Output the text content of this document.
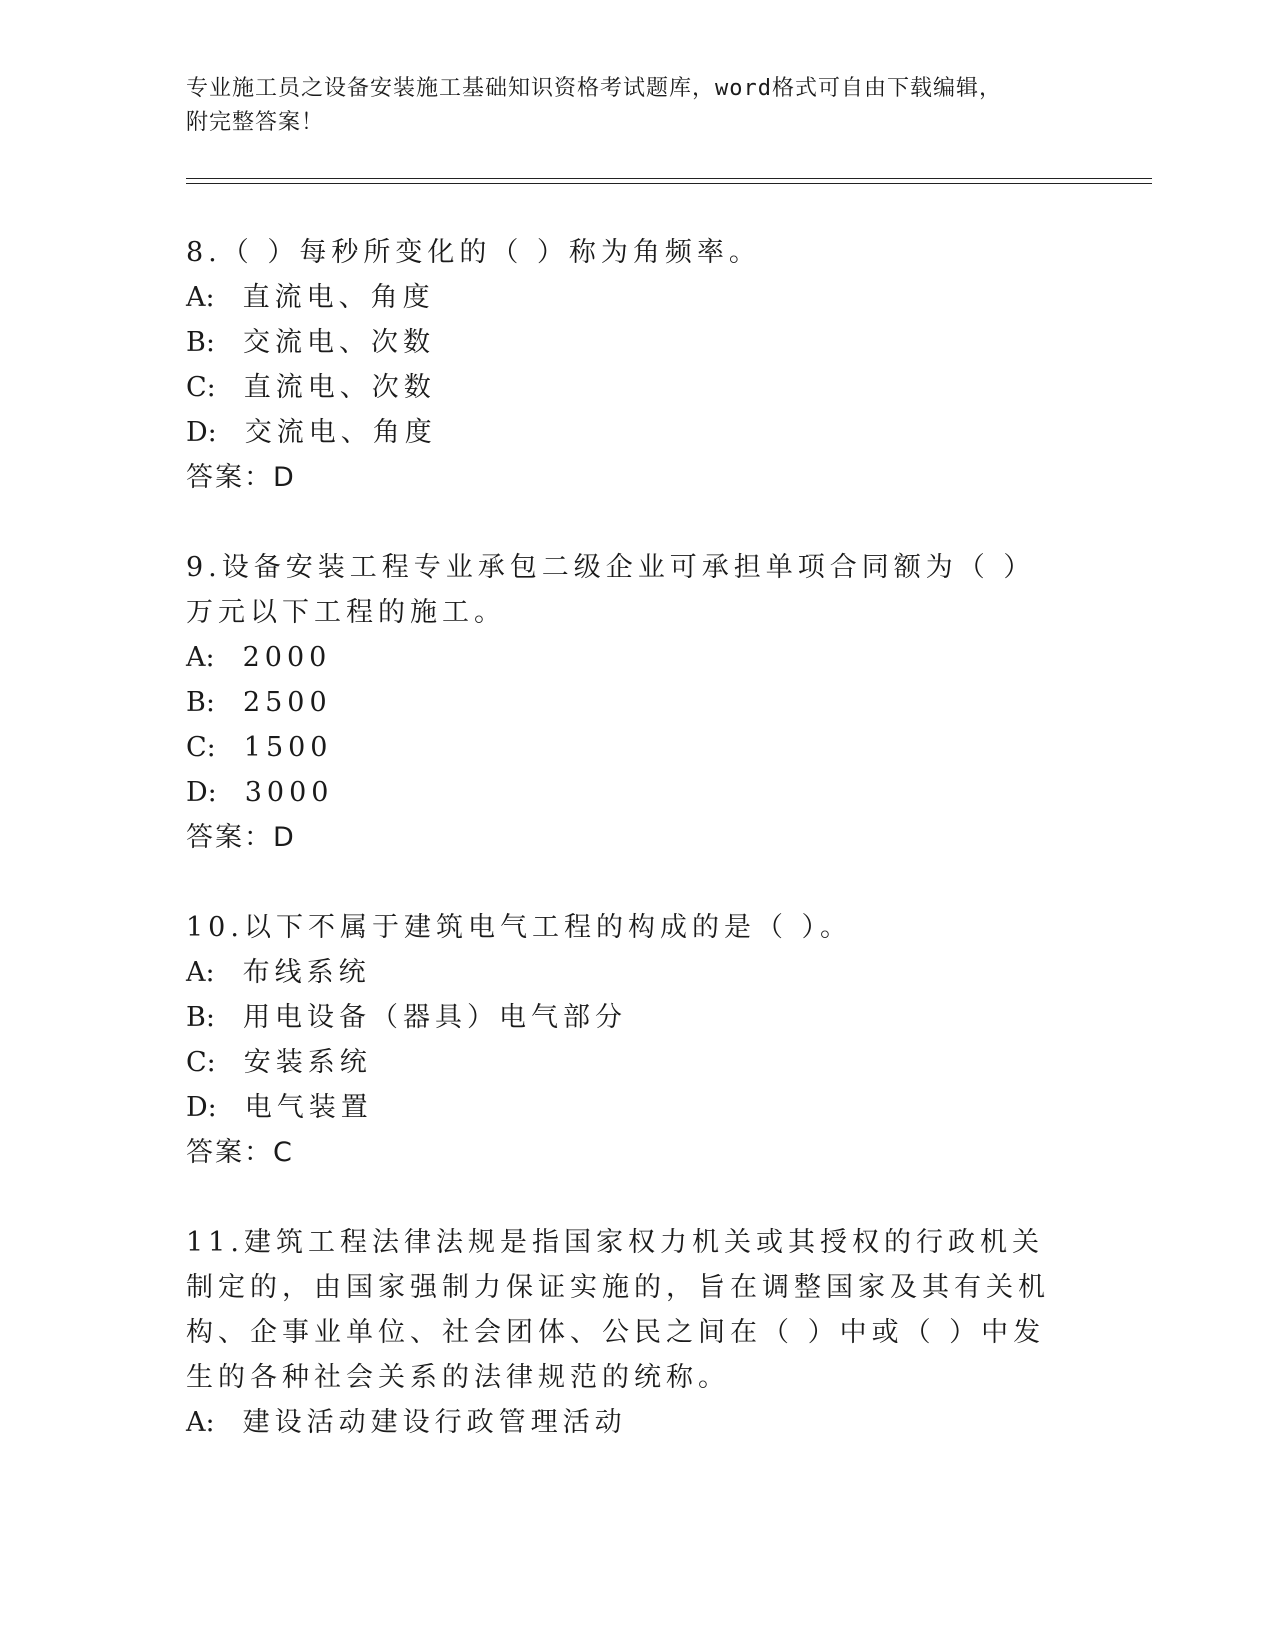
专业施工员之设备安装施工基础知识资格考试题库，word格式可自由下载编辑，
附完整答案！
8.（ ）每秒所变化的（ ）称为角频率。
A: 直流电、角度
B: 交流电、次数
C: 直流电、次数
D: 交流电、角度
答案：D
9.设备安装工程专业承包二级企业可承担单项合同额为（ ）万元以下工程的施工。
A: 2000
B: 2500
C: 1500
D: 3000
答案：D
10.以下不属于建筑电气工程的构成的是（ ）。
A: 布线系统
B: 用电设备（器具）电气部分
C: 安装系统
D: 电气装置
答案：C
11.建筑工程法律法规是指国家权力机关或其授权的行政机关制定的，由国家强制力保证实施的，旨在调整国家及其有关机构、企事业单位、社会团体、公民之间在（ ）中或（ ）中发生的各种社会关系的法律规范的统称。
A: 建设活动建设行政管理活动
